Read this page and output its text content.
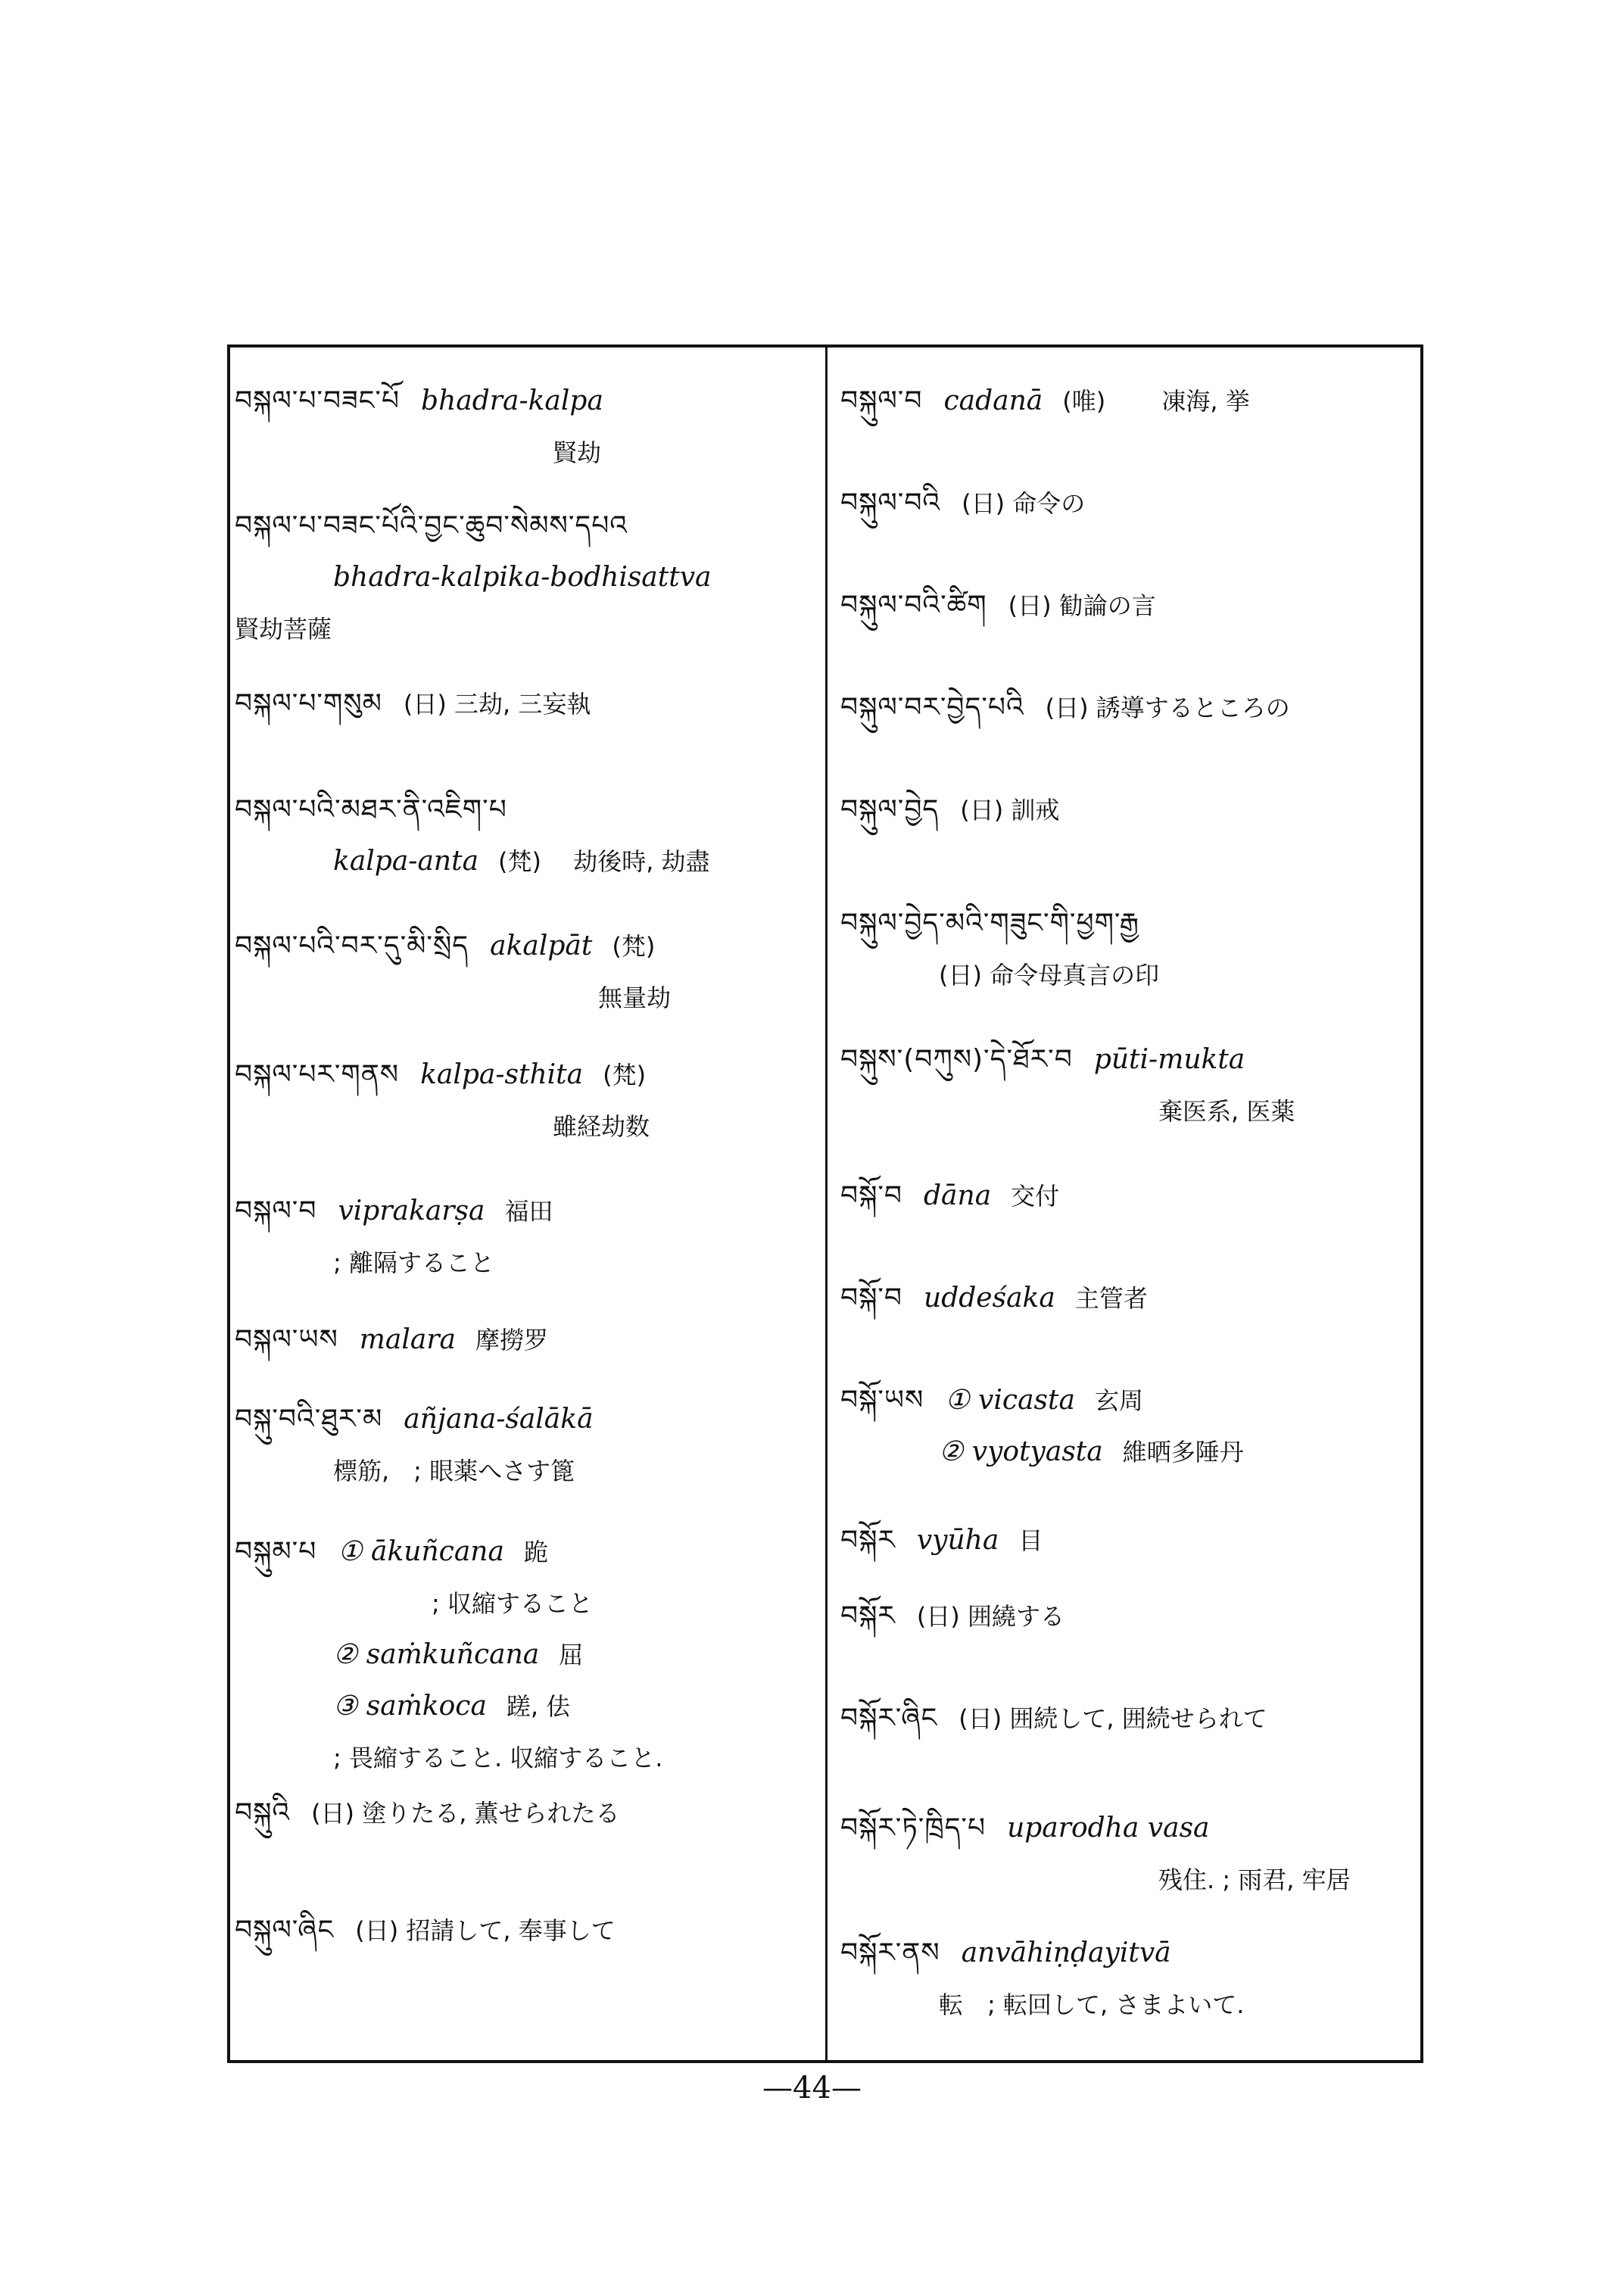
བསྐལ་པ་བཟང་པོ bhadra-kalpa
賢劫
བསྐལ་པ་བཟང་པོའི་བྱང་ཆུབ་སེམས་དཔའ
bhadra-kalpika-bodhisattva
賢劫菩薩
བསྐལ་པ་གསུམ (日) 三劫, 三妄執
བསྐལ་པའི་མཐར་ནི་འཇིག་པ
kalpa-anta (梵) 　劫後時, 劫盡
བསྐལ་པའི་བར་དུ་མི་སྲིད akalpāt (梵)
無量劫
བསྐལ་པར་གནས kalpa-sthita (梵)
雖経劫数
བསྐལ་བ viprakarṣa 福田
; 離隔すること
བསྐལ་ཡས malara 摩撈罗
བསྐུ་བའི་ཐུར་མ añjana-śalākā
標筋,　; 眼薬へさす篦
བསྐུམ་པ ① ākuñcana 跪
; 収縮すること
② saṁkuñcana 屈
③ saṁkoca 蹉, 佉
; 畏縮すること. 収縮すること.
བསྐུའི (日) 塗りたる, 薫せられたる
བསྐུལ་ཞིང (日) 招請して, 奉事して
བསྐུལ་བ cadanā (唯)　　 凍海, 挙
བསྐུལ་བའི (日) 命令の
བསྐུལ་བའི་ཚིག (日) 勧論の言
བསྐུལ་བར་བྱེད་པའི (日) 誘導するところの
བསྐུལ་བྱེད (日) 訓戒
བསྐུལ་བྱེད་མའི་གཟུང་གི་ཕྱག་རྒྱ
(日) 命令母真言の印
བསྐུས་(བཀུས)་དེ་ཐོར་བ pūti-mukta
棄医系, 医薬
བསྐོ་བ dāna 交付
བསྐོ་བ uddeśaka 主管者
བསྐོ་ཡས ① vicasta 玄周
② vyotyasta 維晒多陲丹
བསྐོར vyūha 目
བསྐོར (日) 囲繞する
བསྐོར་ཞིང (日) 囲続して, 囲続せられて
བསྐོར་ཏེ་ཁྲིད་པ uparodha vasa
残住. ; 雨君, 牢居
བསྐོར་ནས anvāhiṇḍayitvā
転　; 転回して, さまよいて.
—44—
